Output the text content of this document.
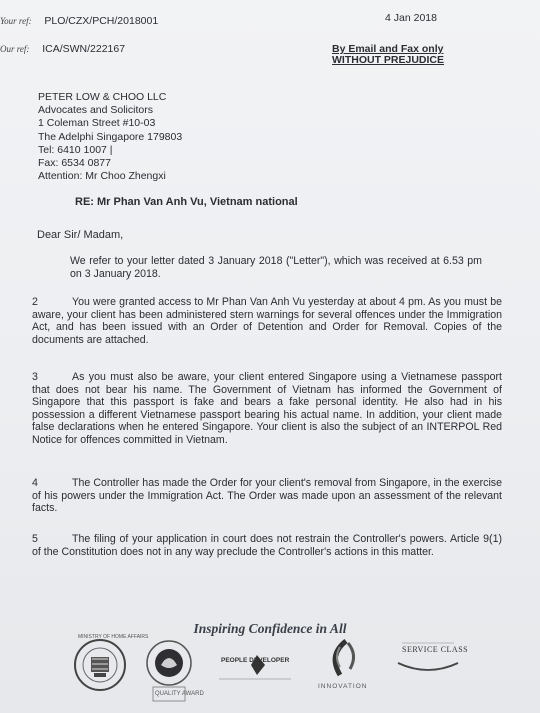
Your ref: PLO/CZX/PCH/2018001
Our ref: ICA/SWN/222167
4 Jan 2018
By Email and Fax only
WITHOUT PREJUDICE
PETER LOW & CHOO LLC
Advocates and Solicitors
1 Coleman Street #10-03
The Adelphi Singapore 179803
Tel: 6410 1007 |
Fax: 6534 0877
Attention: Mr Choo Zhengxi
RE: Mr Phan Van Anh Vu, Vietnam national
Dear Sir/ Madam,
We refer to your letter dated 3 January 2018 ("Letter"), which was received at 6.53 pm on 3 January 2018.
2	You were granted access to Mr Phan Van Anh Vu yesterday at about 4 pm. As you must be aware, your client has been administered stern warnings for several offences under the Immigration Act, and has been issued with an Order of Detention and Order for Removal. Copies of the documents are attached.
3	As you must also be aware, your client entered Singapore using a Vietnamese passport that does not bear his name. The Government of Vietnam has informed the Government of Singapore that this passport is fake and bears a fake personal identity. He also had in his possession a different Vietnamese passport bearing his actual name. In addition, your client made false declarations when he entered Singapore. Your client is also the subject of an INTERPOL Red Notice for offences committed in Vietnam.
4	The Controller has made the Order for your client's removal from Singapore, in the exercise of his powers under the Immigration Act. The Order was made upon an assessment of the relevant facts.
5	The filing of your application in court does not restrain the Controller's powers. Article 9(1) of the Constitution does not in any way preclude the Controller's actions in this matter.
Inspiring Confidence in All
MINISTRY OF HOME AFFAIRS
QUALITY AWARD
PEOPLE DEVELOPER
INNOVATION
SERVICE CLASS
